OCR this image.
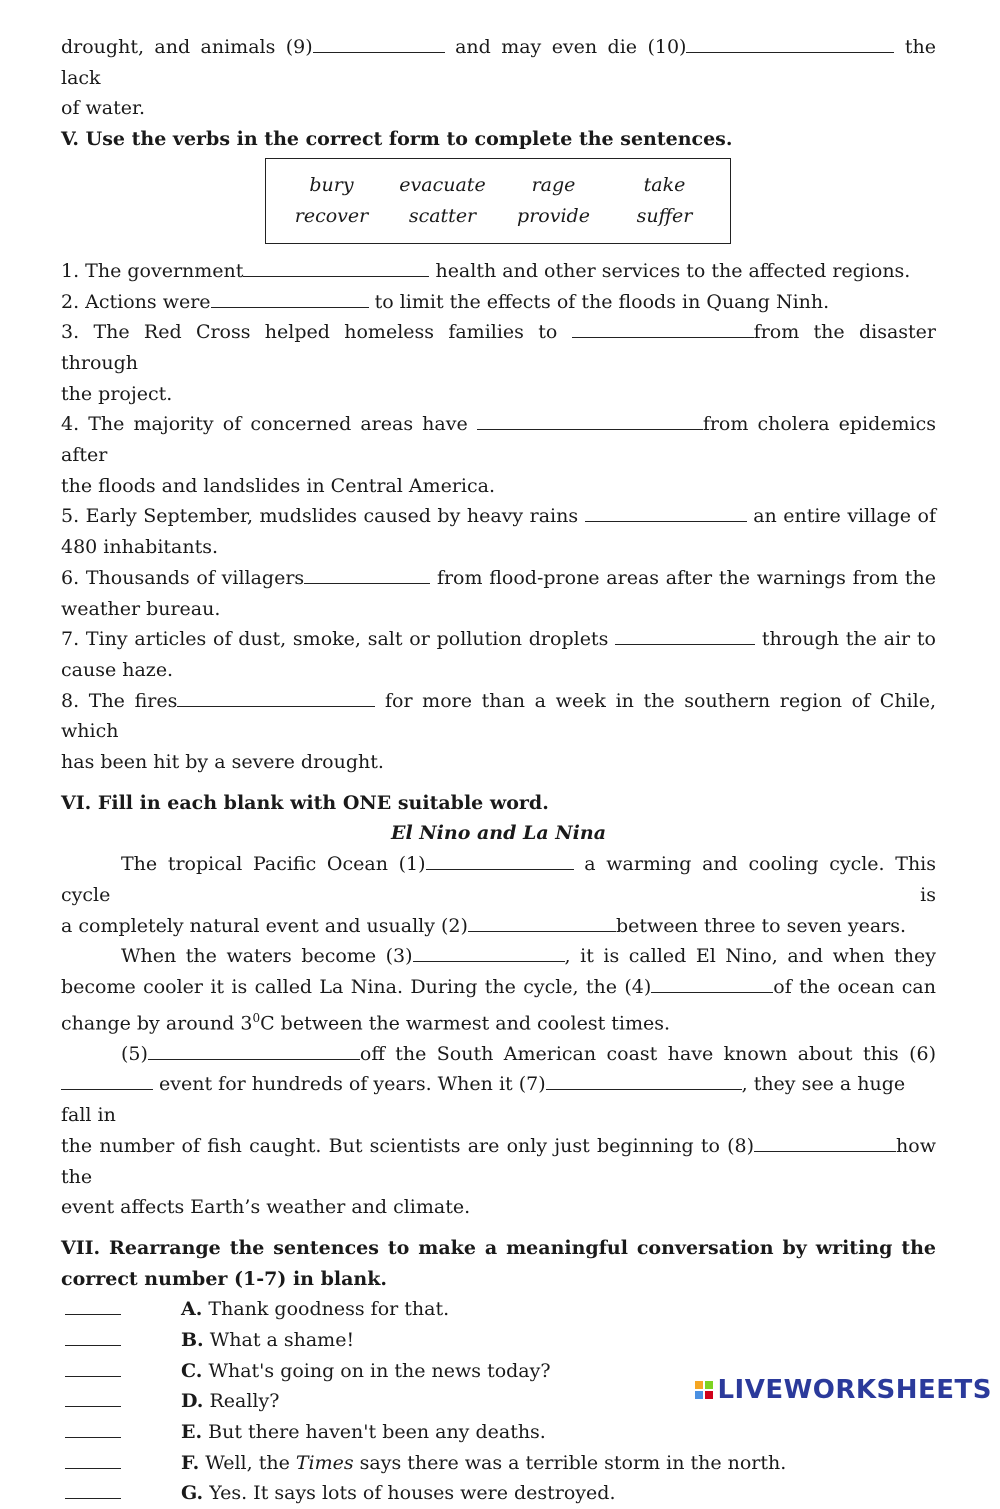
drought, and animals (9)	and may even die (10)	the lack
of water.
V. Use the verbs in the correct form to complete the sentences.
bury	evacuate	rage	take
recover	scatter	provide	suffer
1. The government	health and other services to the affected regions.
2. Actions were	to limit the effects of the floods in Quang Ninh.
3. The Red Cross helped homeless families to	from the disaster through
the project.
4. The majority of concerned areas have	from cholera epidemics after
the floods and landslides in Central America.
5. Early September, mudslides caused by heavy rains	an entire village of
480 inhabitants.
6. Thousands of villagers	from flood-prone areas after the warnings from the
weather bureau.
7. Tiny articles of dust, smoke, salt or pollution droplets	through the air to
cause haze.
8. The fires	for more than a week in the southern region of Chile, which
has been hit by a severe drought.
VI. Fill in each blank with ONE suitable word.
El Nino and La Nina
The tropical Pacific Ocean (1)	a warming and cooling cycle. This cycle is
a completely natural event and usually (2)	between three to seven years.
When the waters become (3)	, it is called El Nino, and when they
become cooler it is called La Nina. During the cycle, the (4)	of the ocean can
change by around $3^0C$ between the warmest and coolest times.
(5)	off the South American coast have known about this (6)
event for hundreds of years. When it (7)	, they see a huge fall in
the number of fish caught. But scientists are only just beginning to (8)	how the
event affects Earth’s weather and climate.
VII. Rearrange the sentences to make a meaningful conversation by writing the correct number (1-7) in blank.
A. Thank goodness for that.
B. What a shame!
C. What's going on in the news today?
D. Really?
E. But there haven't been any deaths.
F. Well, the Times says there was a terrible storm in the north.
G. Yes. It says lots of houses were destroyed.
LIVEWORKSHEETS
